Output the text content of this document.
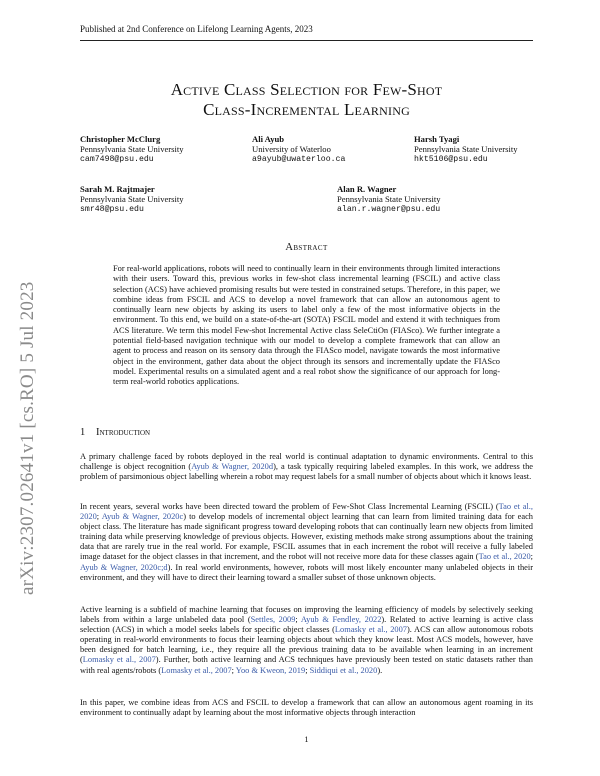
Published at 2nd Conference on Lifelong Learning Agents, 2023
Active Class Selection for Few-Shot
Class-Incremental Learning
Christopher McClurg
Pennsylvania State University
cam7498@psu.edu
Ali Ayub
University of Waterloo
a9ayub@uwaterloo.ca
Harsh Tyagi
Pennsylvania State University
hkt5106@psu.edu
Sarah M. Rajtmajer
Pennsylvania State University
smr48@psu.edu
Alan R. Wagner
Pennsylvania State University
alan.r.wagner@psu.edu
arXiv:2307.02641v1 [cs.RO] 5 Jul 2023
Abstract
For real-world applications, robots will need to continually learn in their environments through limited interactions with their users. Toward this, previous works in few-shot class incremental learning (FSCIL) and active class selection (ACS) have achieved promising results but were tested in constrained setups. Therefore, in this paper, we combine ideas from FSCIL and ACS to develop a novel framework that can allow an autonomous agent to continually learn new objects by asking its users to label only a few of the most informative objects in the environment. To this end, we build on a state-of-the-art (SOTA) FSCIL model and extend it with techniques from ACS literature. We term this model Few-shot Incremental Active class SeleCtiOn (FIASco). We further integrate a potential field-based navigation technique with our model to develop a complete framework that can allow an agent to process and reason on its sensory data through the FIASco model, navigate towards the most informative object in the environment, gather data about the object through its sensors and incrementally update the FIASco model. Experimental results on a simulated agent and a real robot show the significance of our approach for long-term real-world robotics applications.
1 Introduction
A primary challenge faced by robots deployed in the real world is continual adaptation to dynamic environments. Central to this challenge is object recognition (Ayub & Wagner, 2020d), a task typically requiring labeled examples. In this work, we address the problem of parsimonious object labelling wherein a robot may request labels for a small number of objects about which it knows least.
In recent years, several works have been directed toward the problem of Few-Shot Class Incremental Learning (FSCIL) (Tao et al., 2020; Ayub & Wagner, 2020c) to develop models of incremental object learning that can learn from limited training data for each object class. The literature has made significant progress toward developing robots that can continually learn new objects from limited training data while preserving knowledge of previous objects. However, existing methods make strong assumptions about the training data that are rarely true in the real world. For example, FSCIL assumes that in each increment the robot will receive a fully labeled image dataset for the object classes in that increment, and the robot will not receive more data for these classes again (Tao et al., 2020; Ayub & Wagner, 2020c;d). In real world environments, however, robots will most likely encounter many unlabeled objects in their environment, and they will have to direct their learning toward a smaller subset of those unknown objects.
Active learning is a subfield of machine learning that focuses on improving the learning efficiency of models by selectively seeking labels from within a large unlabeled data pool (Settles, 2009; Ayub & Fendley, 2022). Related to active learning is active class selection (ACS) in which a model seeks labels for specific object classes (Lomasky et al., 2007). ACS can allow autonomous robots operating in real-world environments to focus their learning objects about which they know least. Most ACS models, however, have been designed for batch learning, i.e., they require all the previous training data to be available when learning in an increment (Lomasky et al., 2007). Further, both active learning and ACS techniques have previously been tested on static datasets rather than with real agents/robots (Lomasky et al., 2007; Yoo & Kweon, 2019; Siddiqui et al., 2020).
In this paper, we combine ideas from ACS and FSCIL to develop a framework that can allow an autonomous agent roaming in its environment to continually adapt by learning about the most informative objects through interaction
1
